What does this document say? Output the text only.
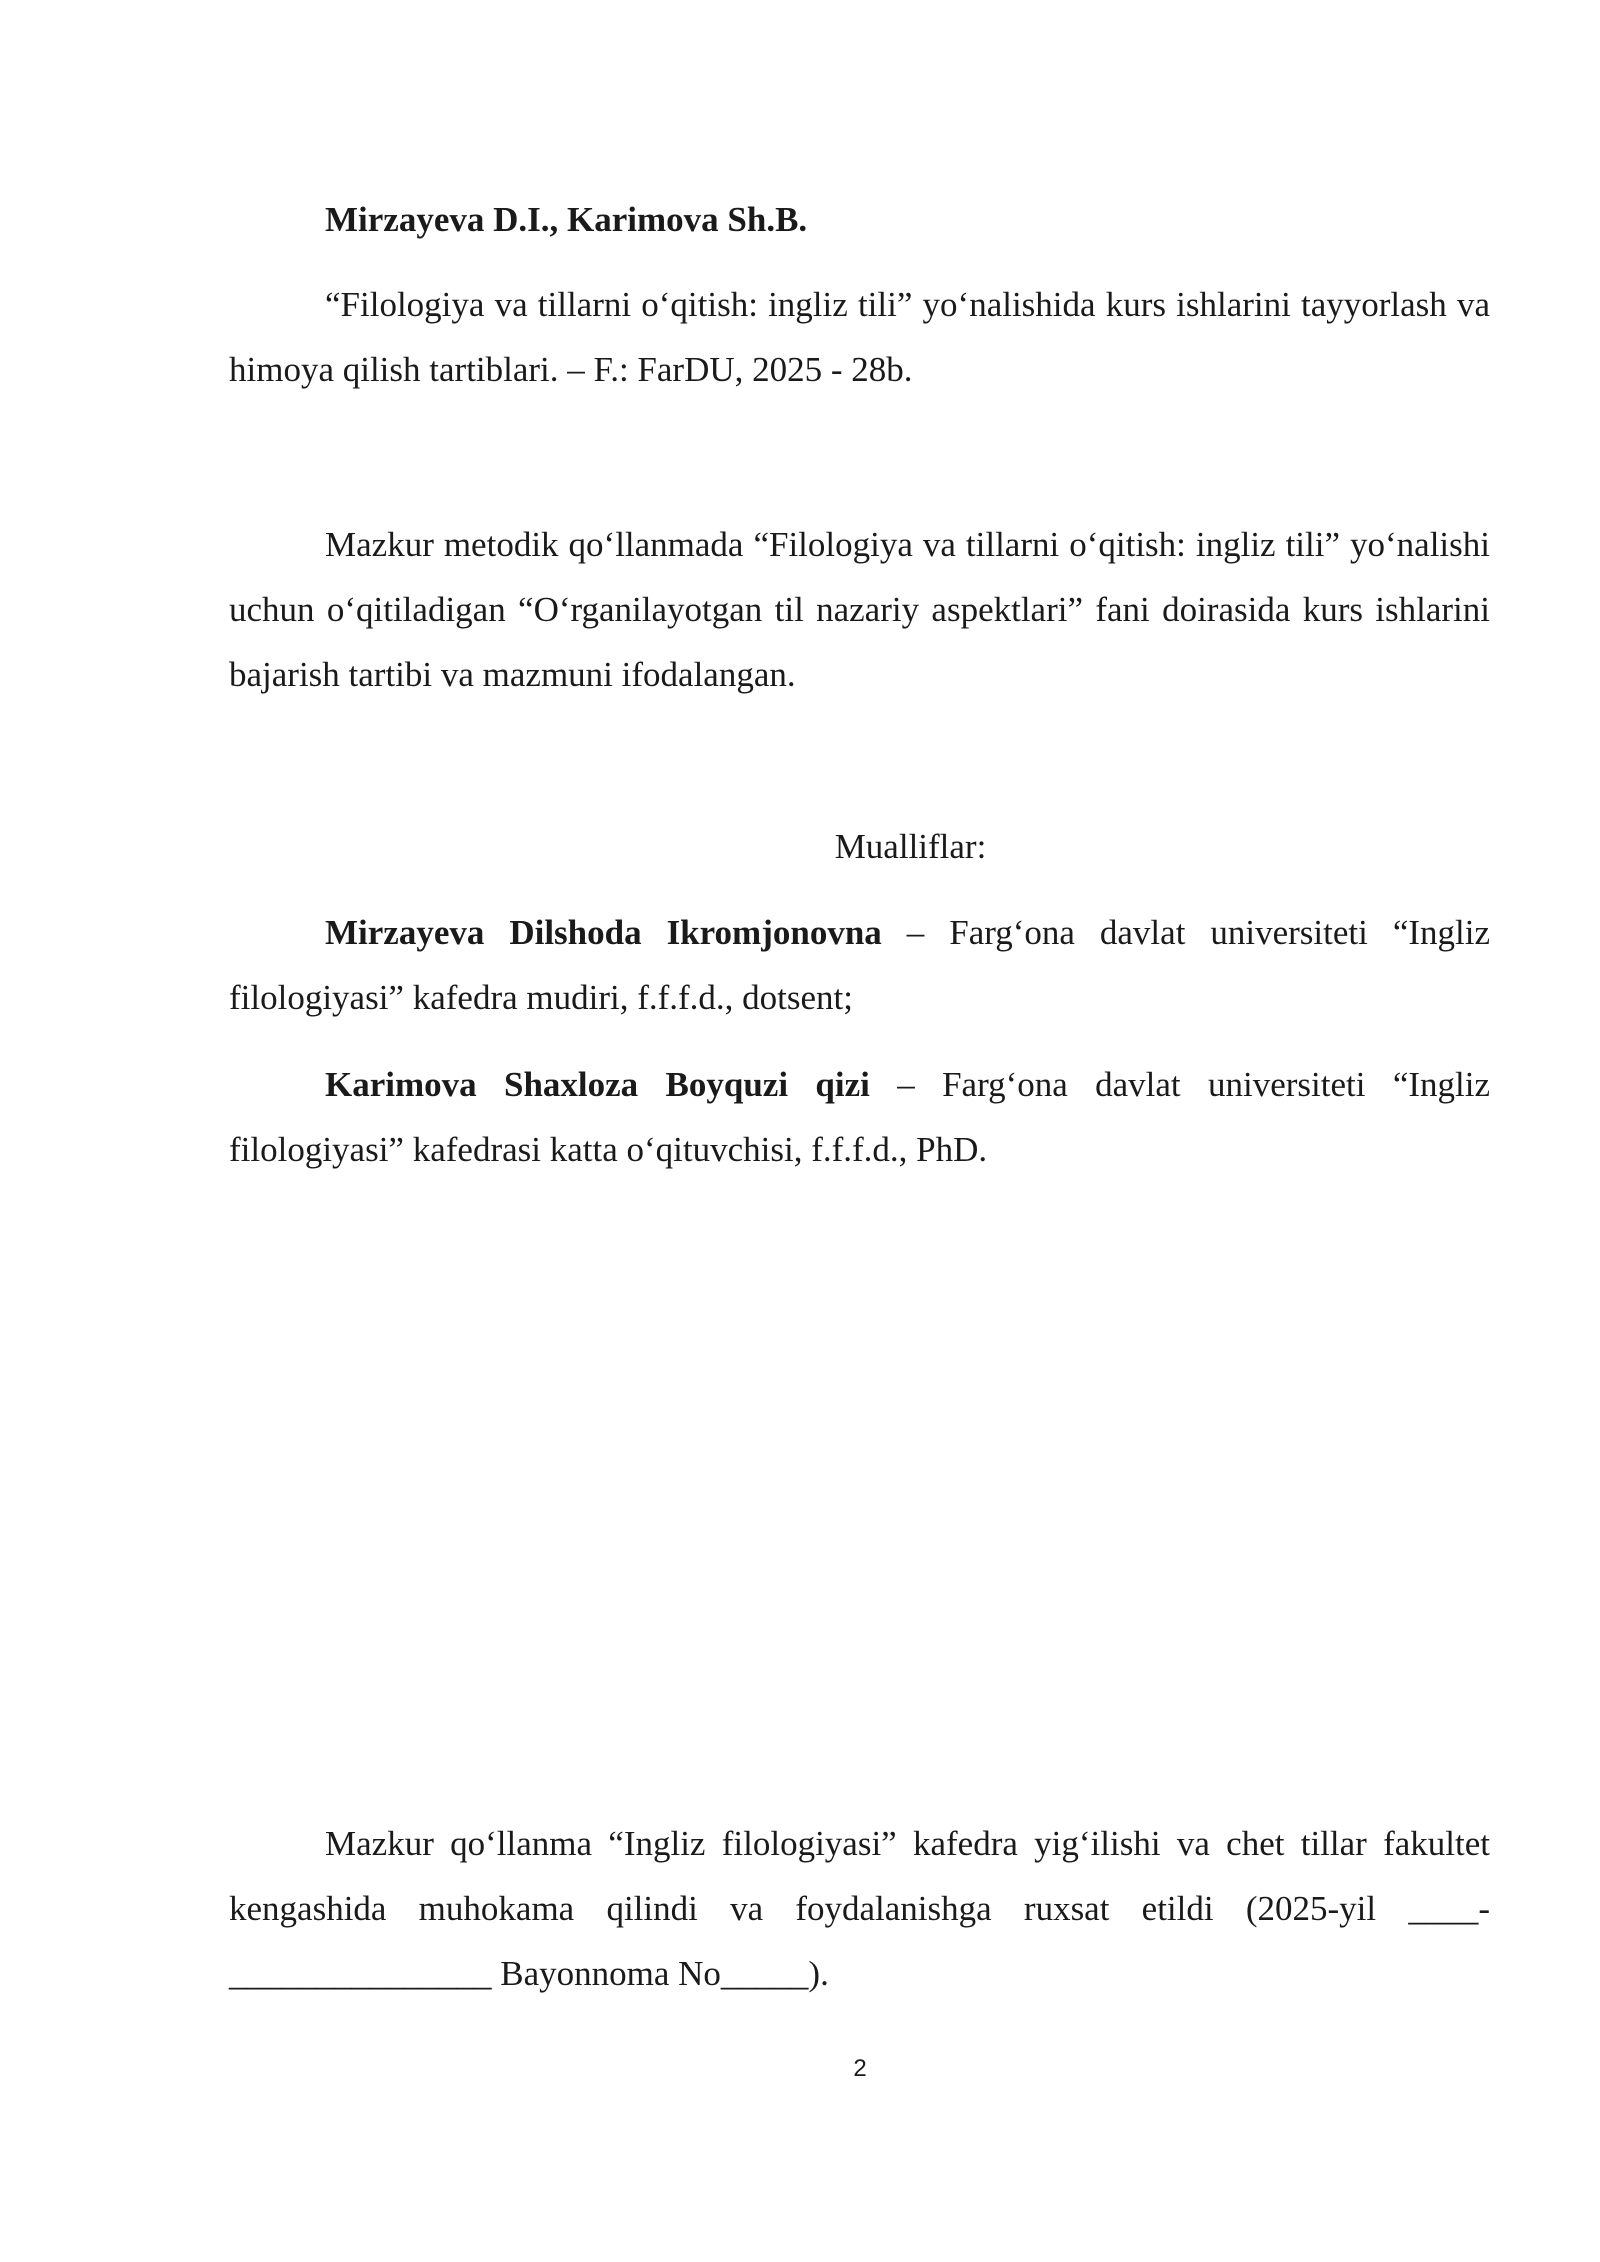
Mirzayeva D.I., Karimova Sh.B.

“Filologiya va tillarni oʻqitish: ingliz tili” yoʻnalishida kurs ishlarini tayyorlash va himoya qilish tartiblari. – F.: FarDU, 2025 - 28b.

Mazkur metodik qoʻllanmada “Filologiya va tillarni oʻqitish: ingliz tili” yoʻnalishi uchun oʻqitiladigan “Oʻrganilayotgan til nazariy aspektlari” fani doirasida kurs ishlarini bajarish tartibi va mazmuni ifodalangan.

Mualliflar:

Mirzayeva Dilshoda Ikromjonovna – Fargʻona davlat universiteti “Ingliz filologiyasi” kafedra mudiri, f.f.f.d., dotsent;

Karimova Shaxloza Boyquzi qizi – Fargʻona davlat universiteti “Ingliz filologiyasi” kafedrasi katta oʻqituvchisi, f.f.f.d., PhD.

Mazkur qoʻllanma “Ingliz filologiyasi” kafedra yigʻilishi va chet tillar fakultet kengashida muhokama qilindi va foydalanishga ruxsat etildi (2025-yil ____-_______________ Bayonnoma No_____).

2
